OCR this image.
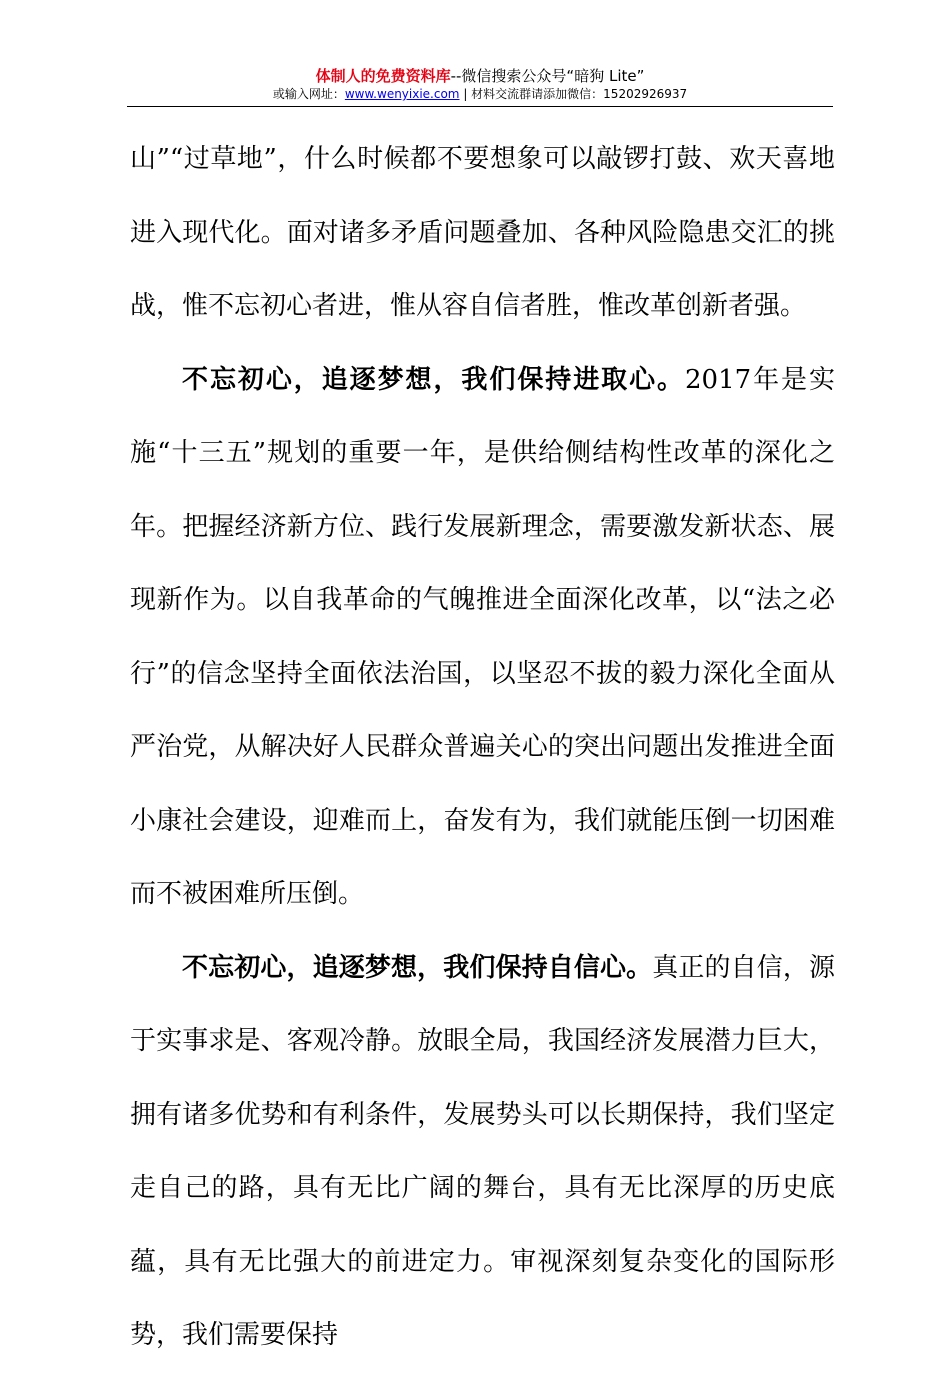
体制人的免费资料库--微信搜索公众号“暗狗 Lite”
或输入网址：www.wenyixie.com | 材料交流群请添加微信：15202926937

山”“过草地”，什么时候都不要想象可以敲锣打鼓、欢天喜地进入现代化。面对诸多矛盾问题叠加、各种风险隐患交汇的挑战，惟不忘初心者进，惟从容自信者胜，惟改革创新者强。

不忘初心，追逐梦想，我们保持进取心。2017年是实施“十三五”规划的重要一年，是供给侧结构性改革的深化之年。把握经济新方位、践行发展新理念，需要激发新状态、展现新作为。以自我革命的气魄推进全面深化改革，以“法之必行”的信念坚持全面依法治国，以坚忍不拔的毅力深化全面从严治党，从解决好人民群众普遍关心的突出问题出发推进全面小康社会建设，迎难而上，奋发有为，我们就能压倒一切困难而不被困难所压倒。

不忘初心，追逐梦想，我们保持自信心。真正的自信，源于实事求是、客观冷静。放眼全局，我国经济发展潜力巨大，拥有诸多优势和有利条件，发展势头可以长期保持，我们坚定走自己的路，具有无比广阔的舞台，具有无比深厚的历史底蕴，具有无比强大的前进定力。审视深刻复杂变化的国际形势，我们需要保持
